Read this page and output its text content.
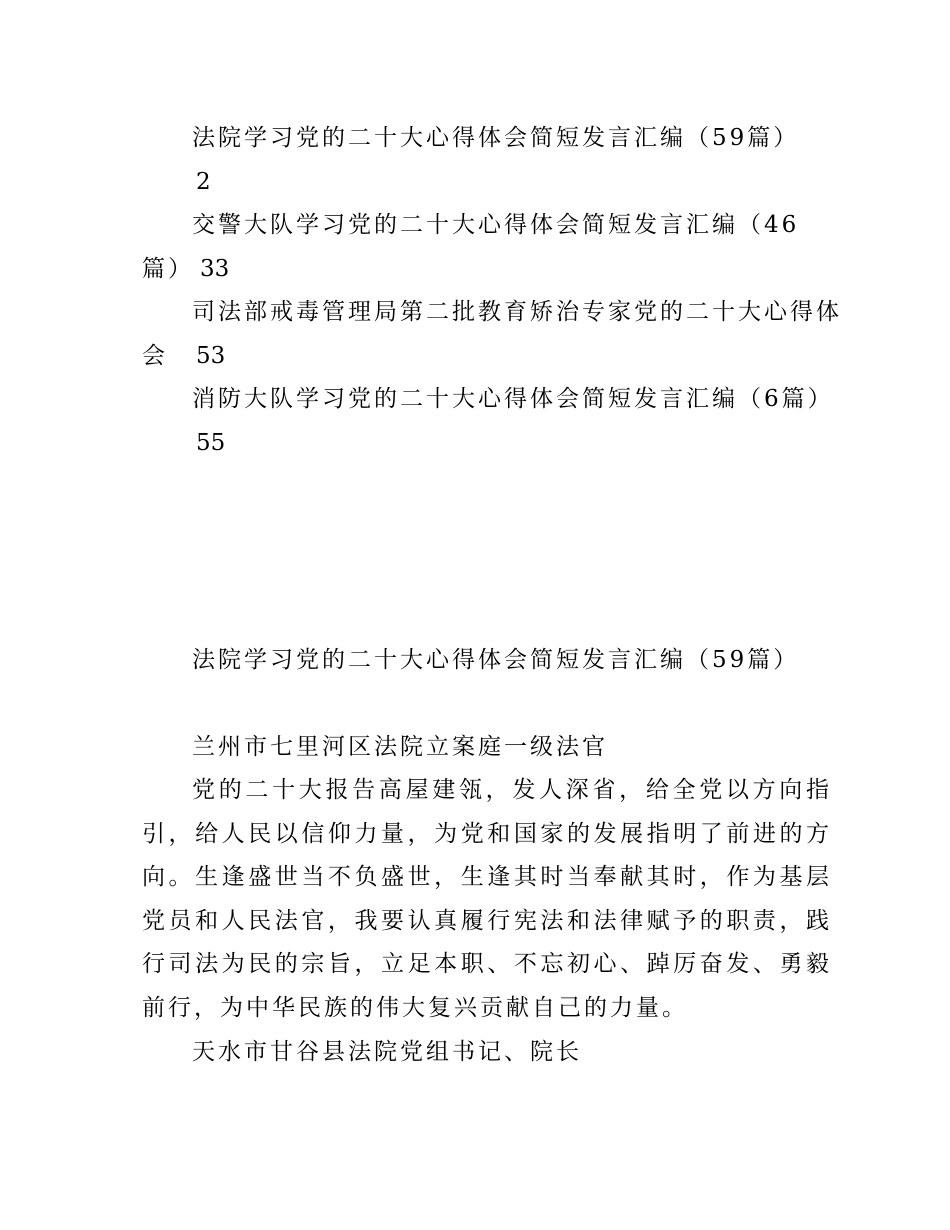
法院学习党的二十大心得体会简短发言汇编（59篇）
2
交警大队学习党的二十大心得体会简短发言汇编（46
篇） 33
司法部戒毒管理局第二批教育矫治专家党的二十大心得体
会 53
消防大队学习党的二十大心得体会简短发言汇编（6篇）
55
法院学习党的二十大心得体会简短发言汇编（59篇）
兰州市七里河区法院立案庭一级法官
党的二十大报告高屋建瓴，发人深省，给全党以方向指引，给人民以信仰力量，为党和国家的发展指明了前进的方向。生逢盛世当不负盛世，生逢其时当奉献其时，作为基层党员和人民法官，我要认真履行宪法和法律赋予的职责，践行司法为民的宗旨，立足本职、不忘初心、踔厉奋发、勇毅前行，为中华民族的伟大复兴贡献自己的力量。
天水市甘谷县法院党组书记、院长
